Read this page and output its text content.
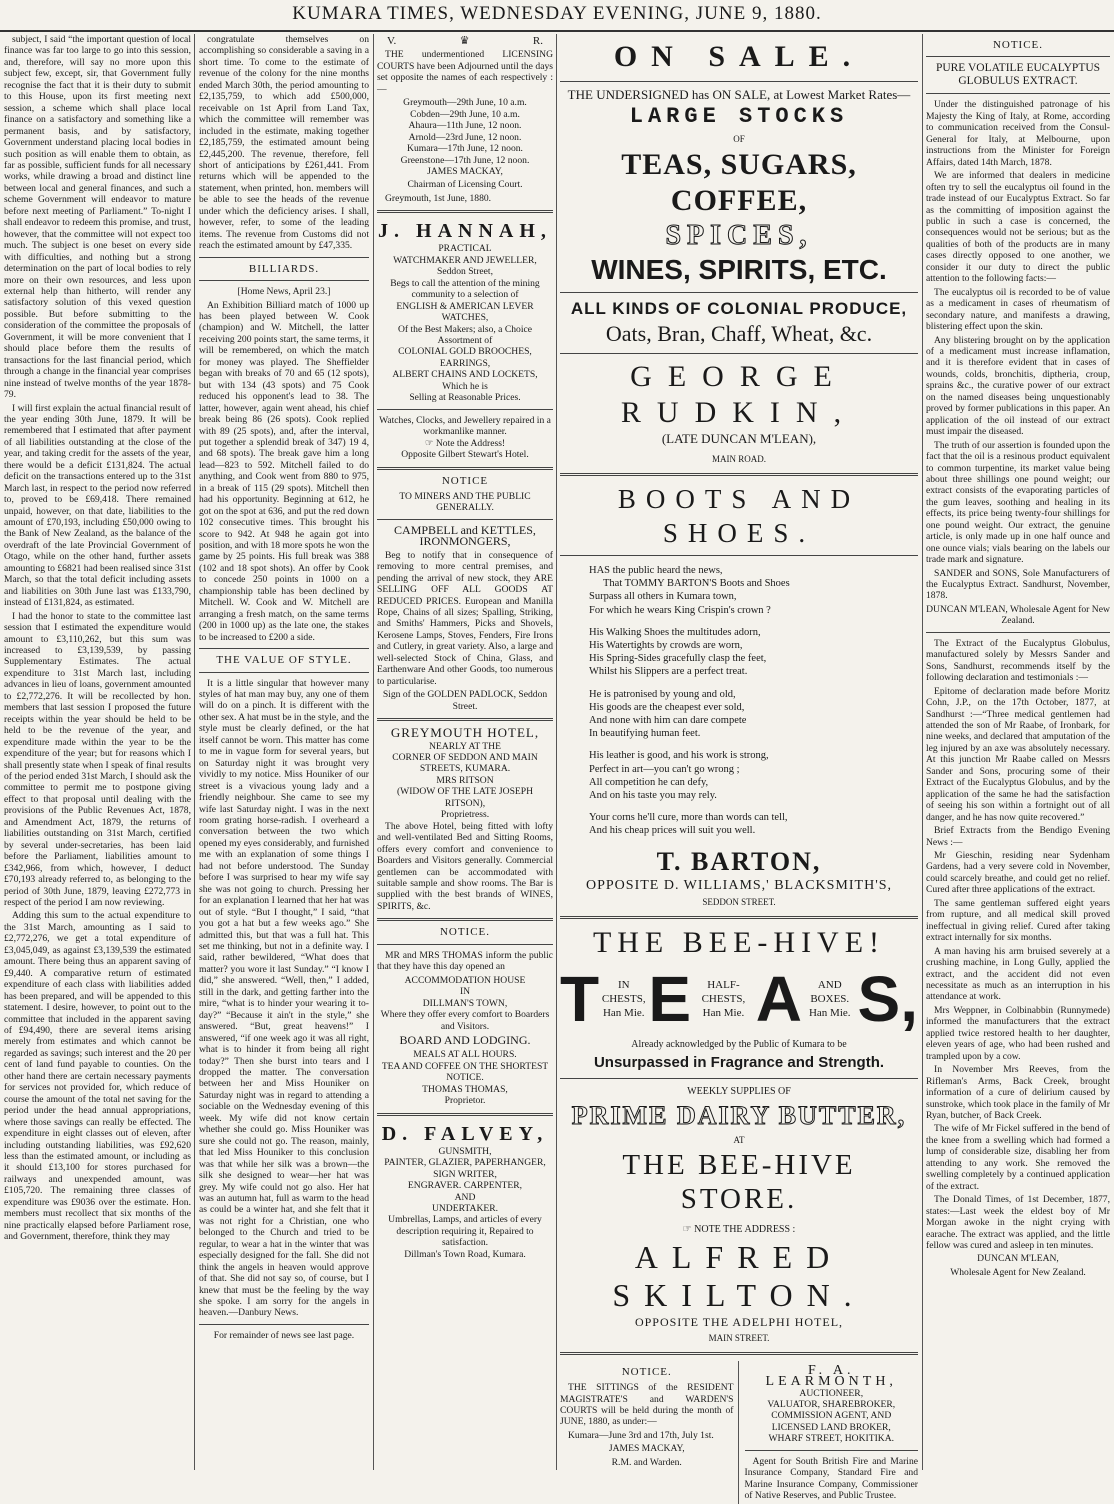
KUMARA TIMES, WEDNESDAY EVENING, JUNE 9, 1880.

subject, I said “the important question of local finance was far too large to go into this session, and, therefore, will say no more upon this subject few, except, sir, that Government fully recognise the fact that it is their duty to submit to this House, upon its first meeting next session, a scheme which shall place local finance on a satisfactory and something like a permanent basis, and by satisfactory, Government understand placing local bodies in such position as will enable them to obtain, as far as possible, sufficient funds for all necessary works, while drawing a broad and distinct line between local and general finances, and such a scheme Government will endeavor to mature before next meeting of Parliament.” To-night I shall endeavor to redeem this promise, and trust, however, that the committee will not expect too much. The subject is one beset on every side with difficulties, and nothing but a strong determination on the part of local bodies to rely more on their own resources, and less upon external help than hitherto, will render any satisfactory solution of this vexed question possible. But before submitting to the consideration of the committee the proposals of Government, it will be more convenient that I should place before them the results of transactions for the last financial period, which through a change in the financial year comprises nine instead of twelve months of the year 1878-79.

I will first explain the actual financial result of the year ending 30th June, 1879. It will be remembered that I estimated that after payment of all liabilities outstanding at the close of the year, and taking credit for the assets of the year, there would be a deficit £131,824. The actual deficit on the transactions entered up to the 31st March last, in respect to the period now referred to, proved to be £69,418. There remained unpaid, however, on that date, liabilities to the amount of £70,193, including £50,000 owing to the Bank of New Zealand, as the balance of the overdraft of the late Provincial Government of Otago, while on the other hand, further assets amounting to £6821 had been realised since 31st March, so that the total deficit including assets and liabilities on 30th June last was £133,790, instead of £131,824, as estimated.

I had the honor to state to the committee last session that I estimated the expenditure would amount to £3,110,262, but this sum was increased to £3,139,539, by passing Supplementary Estimates. The actual expenditure to 31st March last, including advances in lieu of loans, government amounted to £2,772,276. It will be recollected by hon. members that last session I proposed the future receipts within the year should be held to be held to be the revenue of the year, and expenditure made within the year to be the expenditure of the year; but for reasons which I shall presently state when I speak of final results of the period ended 31st March, I should ask the committee to permit me to postpone giving effect to that proposal until dealing with the provisions of the Public Revenues Act, 1878, and Amendment Act, 1879, the returns of liabilities outstanding on 31st March, certified by several under-secretaries, has been laid before the Parliament, liabilities amount to £342,966, from which, however, I deduct £70,193 already referred to, as belonging to the period of 30th June, 1879, leaving £272,773 in respect of the period I am now reviewing.

Adding this sum to the actual expenditure to the 31st March, amounting as I said to £2,772,276, we get a total expenditure of £3,045,049, as against £3,139,539 the estimated amount. There being thus an apparent saving of £9,440. A comparative return of estimated expenditure of each class with liabilities added has been prepared, and will be appended to this statement. I desire, however, to point out to the committee that included in the apparent saving of £94,490, there are several items arising merely from estimates and which cannot be regarded as savings; such interest and the 20 per cent of land fund payable to counties. On the other hand there are certain necessary payments for services not provided for, which reduce of course the amount of the total net saving for the period under the head annual appropriations, where those savings can really be effected. The expenditure in eight classes out of eleven, after including outstanding liabilities, was £92,620 less than the estimated amount, or including as it should £13,100 for stores purchased for railways and unexpended amount, was £105,720. The remaining three classes of expenditure was £9036 over the estimate. Hon. members must recollect that six months of the nine practically elapsed before Parliament rose, and Government, therefore, think they may

congratulate themselves on accomplishing so considerable a saving in a short time. To come to the estimate of revenue of the colony for the nine months ended March 30th, the period amounting to £2,135,759, to which add £500,000, receivable on 1st April from Land Tax, which the committee will remember was included in the estimate, making together £2,185,759, the estimated amount being £2,445,200. The revenue, therefore, fell short of anticipations by £261,441. From returns which will be appended to the statement, when printed, hon. members will be able to see the heads of the revenue under which the deficiency arises. I shall, however, refer, to some of the leading items. The revenue from Customs did not reach the estimated amount by £47,335.

BILLIARDS.

[Home News, April 23.]

An Exhibition Billiard match of 1000 up has been played between W. Cook (champion) and W. Mitchell, the latter receiving 200 points start, the same terms, it will be remembered, on which the match for money was played. The Sheffielder began with breaks of 70 and 65 (12 spots), but with 134 (43 spots) and 75 Cook reduced his opponent's lead to 38. The latter, however, again went ahead, his chief break being 86 (26 spots). Cook replied with 89 (25 spots), and, after the interval, put together a splendid break of 347) 19 4, and 68 spots). The break gave him a long lead—823 to 592. Mitchell failed to do anything, and Cook went from 880 to 975, in a break of 115 (29 spots). Mitchell then had his opportunity. Beginning at 612, he got on the spot at 636, and put the red down 102 consecutive times. This brought his score to 942. At 948 he again got into position, and with 18 more spots he won the game by 25 points. His full break was 388 (102 and 18 spot shots). An offer by Cook to concede 250 points in 1000 on a championship table has been declined by Mitchell. W. Cook and W. Mitchell are arranging a fresh match, on the same terms (200 in 1000 up) as the late one, the stakes to be increased to £200 a side.

THE VALUE OF STYLE.

It is a little singular that however many styles of hat man may buy, any one of them will do on a pinch. It is different with the other sex. A hat must be in the style, and the style must be clearly defined, or the hat itself cannot be worn. This matter has come to me in vague form for several years, but on Saturday night it was brought very vividly to my notice. Miss Houniker of our street is a vivacious young lady and a friendly neighbour. She came to see my wife last Saturday night. I was in the next room grating horse-radish. I overheard a conversation between the two which opened my eyes considerably, and furnished me with an explanation of some things I had not before understood. The Sunday before I was surprised to hear my wife say she was not going to church. Pressing her for an explanation I learned that her hat was out of style. “But I thought,” I said, “that you got a hat but a few weeks ago.” She admitted this, but that was a full hat. This set me thinking, but not in a definite way. I said, rather bewildered, “What does that matter? you wore it last Sunday.” “I know I did,” she answered. “Well, then,” I added, still in the dark, and getting farther into the mire, “what is to hinder your wearing it to-day?” “Because it ain't in the style,” she answered. “But, great heavens!” I answered, “if one week ago it was all right, what is to hinder it from being all right today?” Then she burst into tears and I dropped the matter. The conversation between her and Miss Houniker on Saturday night was in regard to attending a sociable on the Wednesday evening of this week. My wife did not know certain whether she could go. Miss Houniker was sure she could not go. The reason, mainly, that led Miss Houniker to this conclusion was that while her silk was a brown—the silk she designed to wear—her hat was grey. My wife could not go also. Her hat was an autumn hat, full as warm to the head as could be a winter hat, and she felt that it was not right for a Christian, one who belonged to the Church and tried to be regular, to wear a hat in the winter that was especially designed for the fall. She did not think the angels in heaven would approve of that. She did not say so, of course, but I knew that must be the feeling by the way she spoke. I am sorry for the angels in heaven.—Danbury News.

For remainder of news see last page.

V.	♛	R.

THE undermentioned LICENSING COURTS have been Adjourned until the days set opposite the names of each respectively :—

Greymouth—29th June, 10 a.m.
Cobden—29th June, 10 a.m.
Ahaura—11th June, 12 noon.
Arnold—23rd June, 12 noon.
Kumara—17th June, 12 noon.
Greenstone—17th June, 12 noon.

JAMES MACKAY,

Chairman of Licensing Court.

Greymouth, 1st June, 1880.

J. HANNAH,
PRACTICAL
WATCHMAKER AND JEWELLER,
Seddon Street,
Begs to call the attention of the mining community to a selection of
ENGLISH & AMERICAN LEVER WATCHES,
Of the Best Makers; also, a Choice Assortment of
COLONIAL GOLD BROOCHES, EARRINGS,
ALBERT CHAINS AND LOCKETS,
Which he is
Selling at Reasonable Prices.
Watches, Clocks, and Jewellery repaired in a workmanlike manner.
☞ Note the Address!
Opposite Gilbert Stewart's Hotel.
NOTICE

TO MINERS AND THE PUBLIC GENERALLY.

CAMPBELL and KETTLES, IRONMONGERS,

Beg to notify that in consequence of removing to more central premises, and pending the arrival of new stock, they ARE SELLING OFF ALL GOODS AT REDUCED PRICES. European and Manilla Rope, Chains of all sizes; Spalling, Striking, and Smiths' Hammers, Picks and Shovels, Kerosene Lamps, Stoves, Fenders, Fire Irons and Cutlery, in great variety. Also, a large and well-selected Stock of China, Glass, and Earthenware And other Goods, too numerous to particularise.

Sign of the GOLDEN PADLOCK, Seddon Street.

GREYMOUTH HOTEL,

NEARLY AT THE
CORNER OF SEDDON AND MAIN STREETS, KUMARA.
MRS RITSON
(WIDOW OF THE LATE JOSEPH RITSON),
Proprietress.

The above Hotel, being fitted with lofty and well-ventilated Bed and Sitting Rooms, offers every comfort and convenience to Boarders and Visitors generally. Commercial gentlemen can be accommodated with suitable sample and show rooms. The Bar is supplied with the best brands of WINES, SPIRITS, &c.

NOTICE.

MR and MRS THOMAS inform the public that they have this day opened an

ACCOMMODATION HOUSE
IN
DILLMAN'S TOWN,
Where they offer every comfort to Boarders and Visitors.
BOARD AND LODGING.
MEALS AT ALL HOURS.
TEA AND COFFEE ON THE SHORTEST NOTICE.
THOMAS THOMAS,
Proprietor.
D. FALVEY,
GUNSMITH,
PAINTER, GLAZIER, PAPERHANGER,
SIGN WRITER,
ENGRAVER. CARPENTER,
AND
UNDERTAKER.
Umbrellas, Lamps, and articles of every description requiring it, Repaired to satisfaction.
Dillman's Town Road, Kumara.
ON SALE.
THE UNDERSIGNED has ON SALE, at Lowest Market Rates—
LARGE STOCKS
OF
TEAS, SUGARS, COFFEE,
SPICES,
WINES, SPIRITS, ETC.
ALL KINDS OF COLONIAL PRODUCE,
Oats, Bran, Chaff, Wheat, &c.
GEORGE RUDKIN,
(LATE DUNCAN M'LEAN),
MAIN ROAD.
BOOTS AND SHOES.

HAS the public heard the news,

That TOMMY BARTON'S Boots and Shoes

Surpass all others in Kumara town,

For which he wears King Crispin's crown ?

His Walking Shoes the multitudes adorn,

His Watertights by crowds are worn,

His Spring-Sides gracefully clasp the feet,

Whilst his Slippers are a perfect treat.

He is patronised by young and old,

His goods are the cheapest ever sold,

And none with him can dare compete

In beautifying human feet.

His leather is good, and his work is strong,

Perfect in art—you can't go wrong ;

All competition he can defy,

And on his taste you may rely.

Your corns he'll cure, more than words can tell,

And his cheap prices will suit you well.

T. BARTON,
OPPOSITE D. WILLIAMS,' BLACKSMITH'S,
SEDDON STREET.
THE BEE-HIVE!
T	IN CHESTS,
Han Mie. E	HALF-CHESTS,
Han Mie. A	AND BOXES.
Han Mie. S,
Already acknowledged by the Public of Kumara to be
Unsurpassed in Fragrance and Strength.
WEEKLY SUPPLIES OF
PRIME DAIRY BUTTER,
AT
THE BEE-HIVE STORE.
☞ NOTE THE ADDRESS :
ALFRED SKILTON.
OPPOSITE THE ADELPHI HOTEL,
MAIN STREET.
NOTICE.

THE SITTINGS of the RESIDENT MAGISTRATE'S and WARDEN'S COURTS will be held during the month of JUNE, 1880, as under:—

Kumara—June 3rd and 17th, July 1st.

JAMES MACKAY,

R.M. and Warden.

F. A. LEARMONTH,
AUCTIONEER,
VALUATOR, SHAREBROKER, COMMISSION AGENT, AND
LICENSED LAND BROKER,
WHARF STREET, HOKITIKA.

Agent for South British Fire and Marine Insurance Company, Standard Fire and Marine Insurance Company, Commissioner of Native Reserves, and Public Trustee.

NOTICE.

PURE VOLATILE EUCALYPTUS GLOBULUS EXTRACT.

Under the distinguished patronage of his Majesty the King of Italy, at Rome, according to communication received from the Consul-General for Italy, at Melbourne, upon instructions from the Minister for Foreign Affairs, dated 14th March, 1878.

We are informed that dealers in medicine often try to sell the eucalyptus oil found in the trade instead of our Eucalyptus Extract. So far as the committing of imposition against the public in such a case is concerned, the consequences would not be serious; but as the qualities of both of the products are in many cases directly opposed to one another, we consider it our duty to direct the public attention to the following facts:—

The eucalyptus oil is recorded to be of value as a medicament in cases of rheumatism of secondary nature, and manifests a drawing, blistering effect upon the skin.

Any blistering brought on by the application of a medicament must increase inflamation, and it is therefore evident that in cases of wounds, colds, bronchitis, diptheria, croup, sprains &c., the curative power of our extract on the named diseases being unquestionably proved by former publications in this paper. An application of the oil instead of our extract must impair the diseased.

The truth of our assertion is founded upon the fact that the oil is a resinous product equivalent to common turpentine, its market value being about three shillings one pound weight; our extract consists of the evaporating particles of the gum leaves, soothing and healing in its effects, its price being twenty-four shillings for one pound weight. Our extract, the genuine article, is only made up in one half ounce and one ounce vials; vials bearing on the labels our trade mark and signature.

SANDER and SONS, Sole Manufacturers of the Eucalyptus Extract. Sandhurst, November, 1878.

DUNCAN M'LEAN, Wholesale Agent for New Zealand.

The Extract of the Eucalyptus Globulus, manufactured solely by Messrs Sander and Sons, Sandhurst, recommends itself by the following declaration and testimonials :—

Epitome of declaration made before Moritz Cohn, J.P., on the 17th October, 1877, at Sandhurst :—“Three medical gentlemen had attended the son of Mr Raabe, of Ironbark, for nine weeks, and declared that amputation of the leg injured by an axe was absolutely necessary. At this junction Mr Raabe called on Messrs Sander and Sons, procuring some of their Extract of the Eucalyptus Globulus, and by the application of the same he had the satisfaction of seeing his son within a fortnight out of all danger, and he has now quite recovered.”

Brief Extracts from the Bendigo Evening News :—

Mr Gieschin, residing near Sydenham Gardens, had a very severe cold in November, could scarcely breathe, and could get no relief. Cured after three applications of the extract.

The same gentleman suffered eight years from rupture, and all medical skill proved ineffectual in giving relief. Cured after taking extract internally for six months.

A man having his arm bruised severely at a crushing machine, in Long Gully, applied the extract, and the accident did not even necessitate as much as an interruption in his attendance at work.

Mrs Weppner, in Colbinabbin (Runnymede) informed the manufacturers that the extract applied twice restored health to her daughter, eleven years of age, who had been rushed and trampled upon by a cow.

In November Mrs Reeves, from the Rifleman's Arms, Back Creek, brought information of a cure of delirium caused by sunstroke, which took place in the family of Mr Ryan, butcher, of Back Creek.

The wife of Mr Fickel suffered in the bend of the knee from a swelling which had formed a lump of considerable size, disabling her from attending to any work. She removed the swelling completely by a continued application of the extract.

The Donald Times, of 1st December, 1877, states:—Last week the eldest boy of Mr Morgan awoke in the night crying with earache. The extract was applied, and the little fellow was cured and asleep in ten minutes.

DUNCAN M'LEAN,

Wholesale Agent for New Zealand.
